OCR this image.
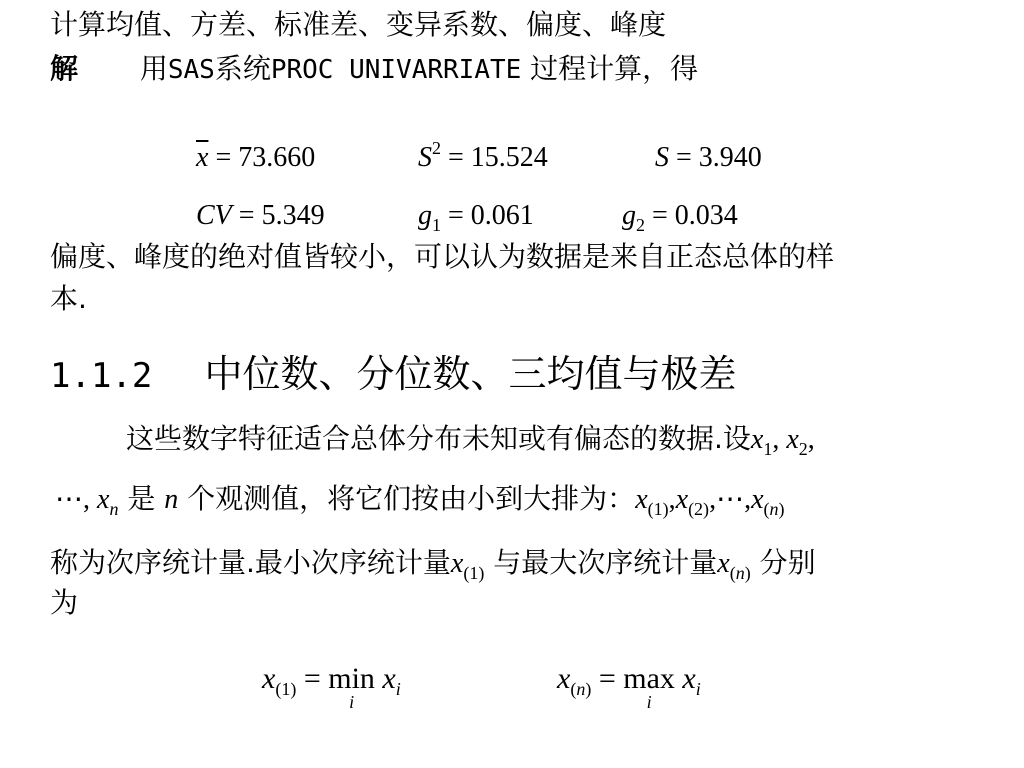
计算均值、方差、标准差、变异系数、偏度、峰度
解 用SAS系统PROC UNIVARRIATE 过程计算，得
$\overline{x} = 73.660$	$S^2 = 15.524$	S = 3.940
CV = 5.349	$g_1 = 0.061$	$g_2 = 0.034$
偏度、峰度的绝对值皆较小，可以认为数据是来自正态总体的样
本.
1.1.2 中位数、分位数、三均值与极差
这些数字特征适合总体分布未知或有偏态的数据.设$x_1$, $x_2$,
⋯, $x_n$ 是 n 个观测值，将它们按由小到大排为：$x_{(1)},x_{(2)},\cdots,x_{(n)}$
称为次序统计量.最小次序统计量$x_{(1)}$ 与最大次序统计量$x_{(n)}$ 分别
为
$x_{(1)} = \min$
i
$x_i$	$x_{(n)} = \max$
i
$x_i$
